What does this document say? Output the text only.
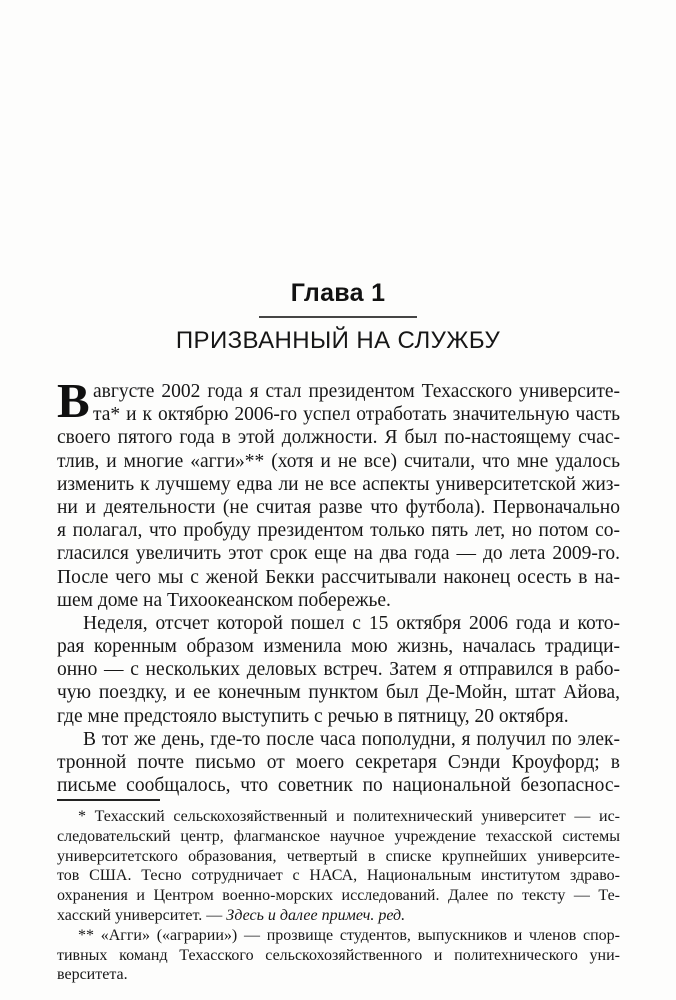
Глава 1
ПРИЗВАННЫЙ НА СЛУЖБУ
В августе 2002 года я стал президентом Техасского университе-
та* и к октябрю 2006-го успел отработать значительную часть
своего пятого года в этой должности. Я был по-настоящему счас-
тлив, и многие «агги»** (хотя и не все) считали, что мне удалось
изменить к лучшему едва ли не все аспекты университетской жиз-
ни и деятельности (не считая разве что футбола). Первоначально
я полагал, что пробуду президентом только пять лет, но потом со-
гласился увеличить этот срок еще на два года — до лета 2009-го.
После чего мы с женой Бекки рассчитывали наконец осесть в на-
шем доме на Тихоокеанском побережье.
Неделя, отсчет которой пошел с 15 октября 2006 года и кото-
рая коренным образом изменила мою жизнь, началась традици-
онно — с нескольких деловых встреч. Затем я отправился в рабо-
чую поездку, и ее конечным пунктом был Де-Мойн, штат Айова,
где мне предстояло выступить с речью в пятницу, 20 октября.
В тот же день, где-то после часа пополудни, я получил по элек-
тронной почте письмо от моего секретаря Сэнди Кроуфорд; в
письме сообщалось, что советник по национальной безопаснос-
* Техасский сельскохозяйственный и политехнический университет — ис-
следовательский центр, флагманское научное учреждение техасской системы
университетского образования, четвертый в списке крупнейших университе-
тов США. Тесно сотрудничает с НАСА, Национальным институтом здраво-
охранения и Центром военно-морских исследований. Далее по тексту — Те-
хасский университет. — Здесь и далее примеч. ред.
** «Агги» («аграрии») — прозвище студентов, выпускников и членов спор-
тивных команд Техасского сельскохозяйственного и политехнического уни-
верситета.
